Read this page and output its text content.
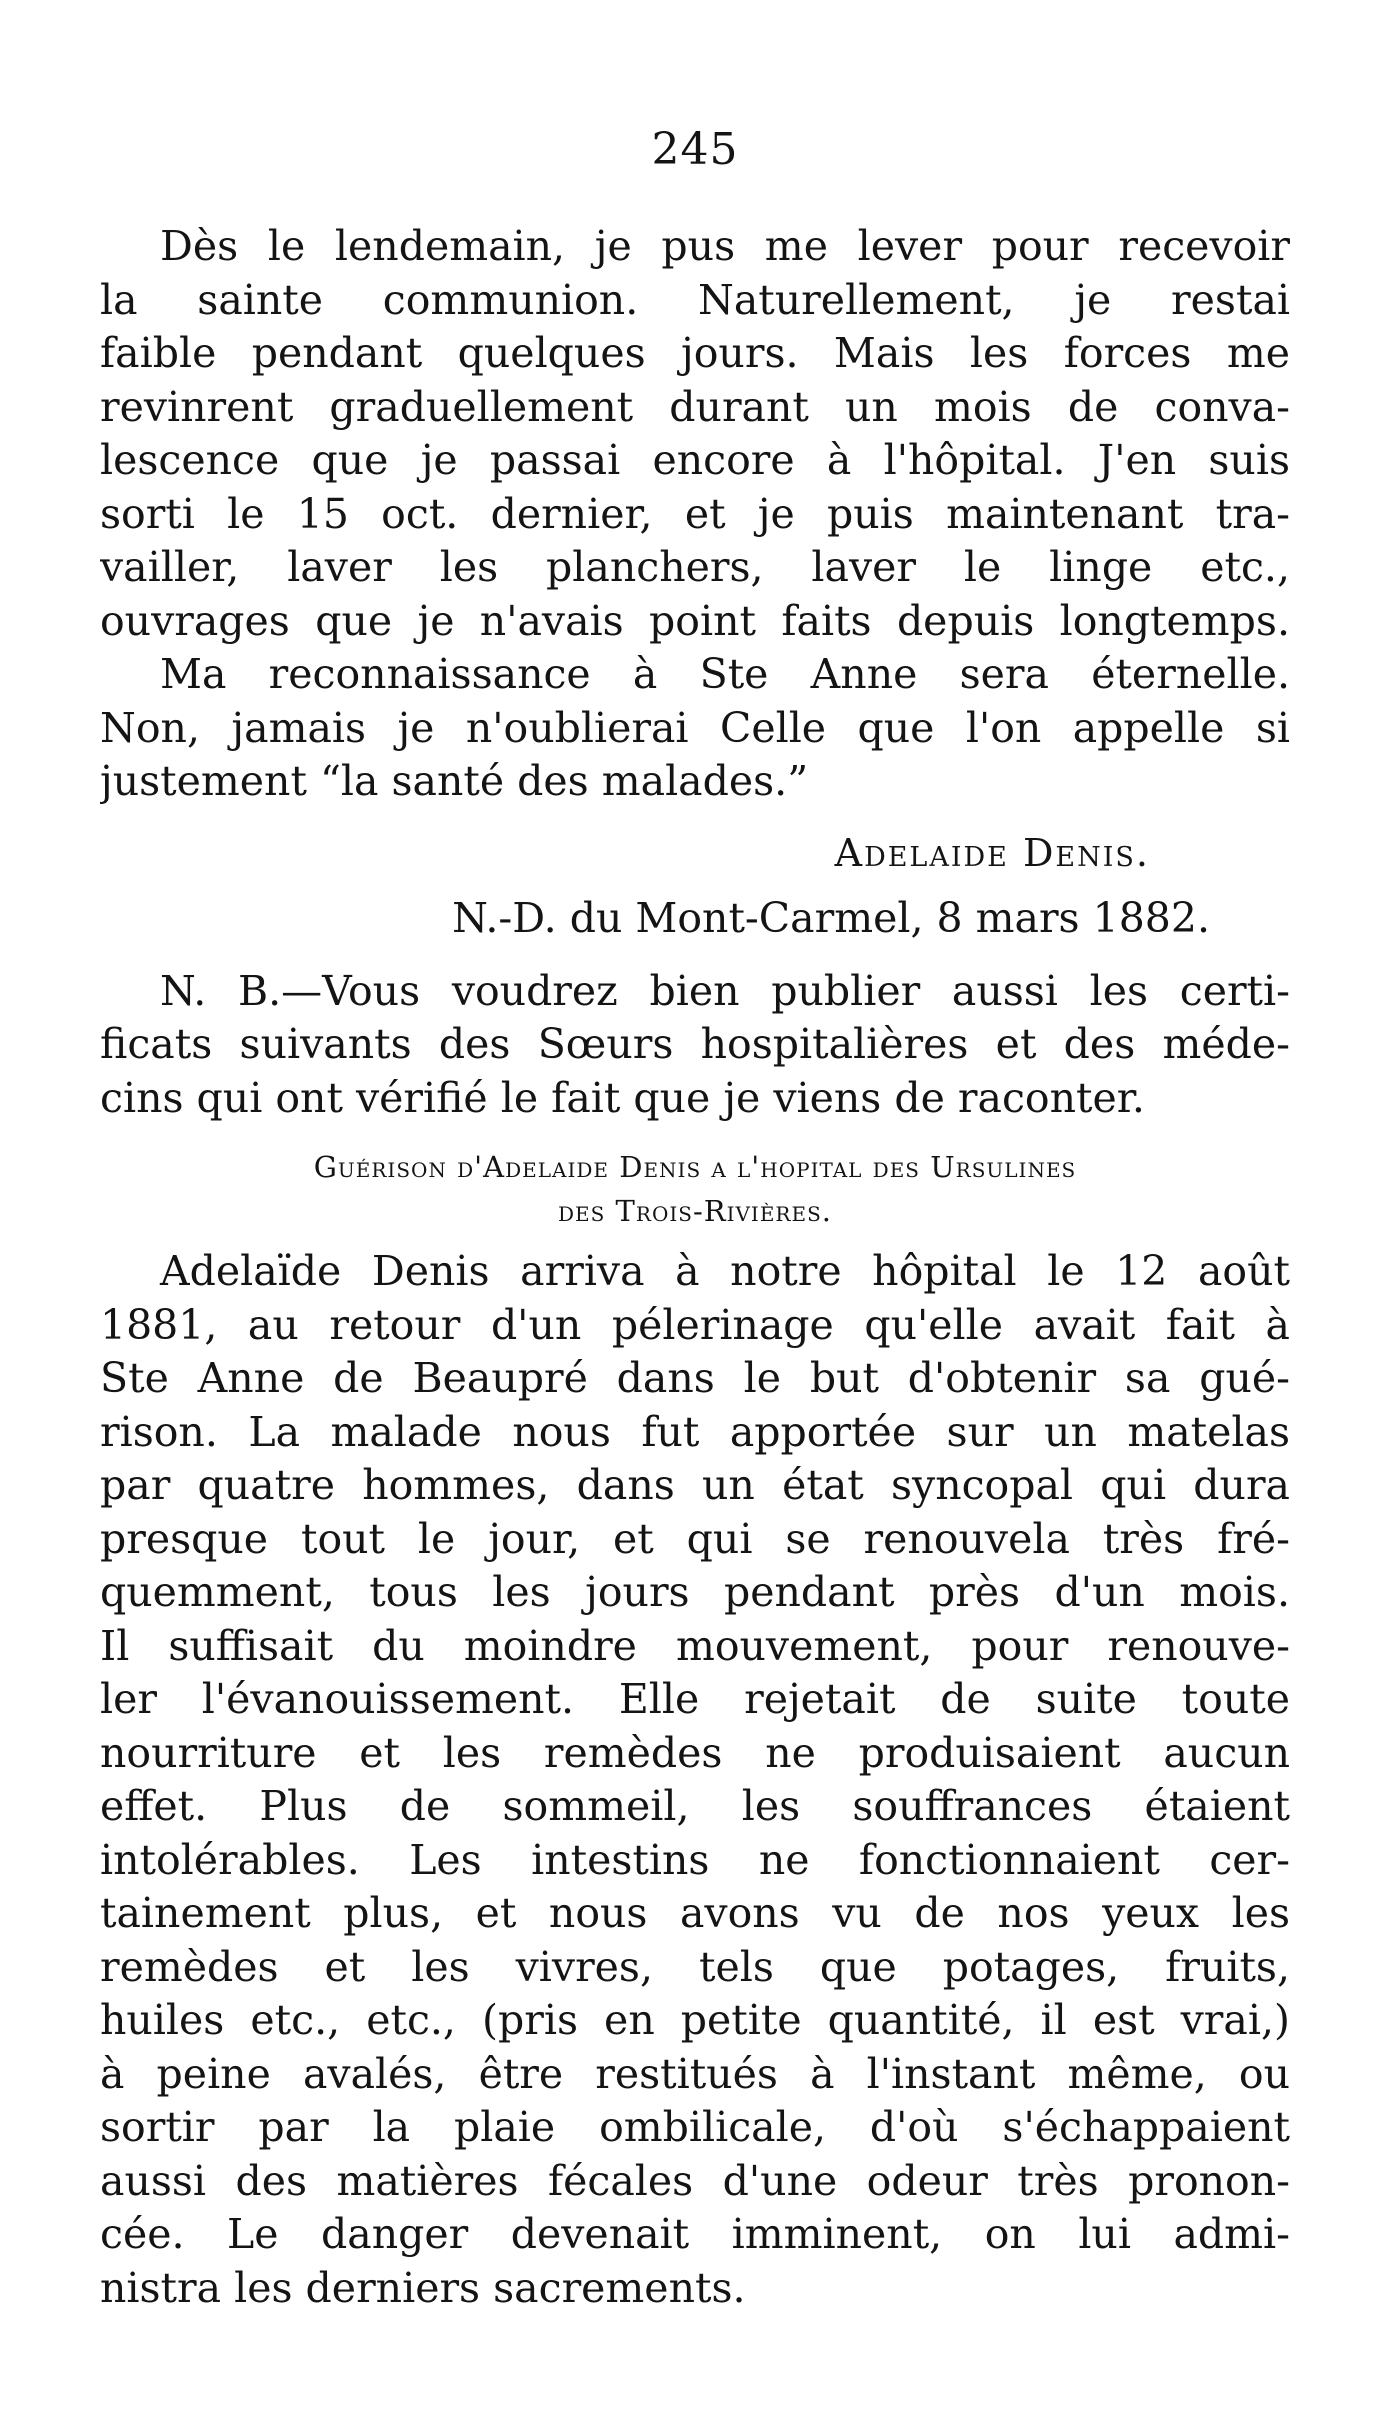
245
Dès le lendemain, je pus me lever pour recevoir
la sainte communion. Naturellement, je restai
faible pendant quelques jours. Mais les forces me
revinrent graduellement durant un mois de conva-
lescence que je passai encore à l'hôpital. J'en suis
sorti le 15 oct. dernier, et je puis maintenant tra-
vailler, laver les planchers, laver le linge etc.,
ouvrages que je n'avais point faits depuis longtemps.
Ma reconnaissance à Ste Anne sera éternelle.
Non, jamais je n'oublierai Celle que l'on appelle si
justement “la santé des malades.”
Adelaide Denis.
N.-D. du Mont-Carmel, 8 mars 1882.
N. B.—Vous voudrez bien publier aussi les certi-
ficats suivants des Sœurs hospitalières et des méde-
cins qui ont vérifié le fait que je viens de raconter.
Guérison d'Adelaide Denis a l'hopital des Ursulines
des Trois-Rivières.
Adelaïde Denis arriva à notre hôpital le 12 août
1881, au retour d'un pélerinage qu'elle avait fait à
Ste Anne de Beaupré dans le but d'obtenir sa gué-
rison. La malade nous fut apportée sur un matelas
par quatre hommes, dans un état syncopal qui dura
presque tout le jour, et qui se renouvela très fré-
quemment, tous les jours pendant près d'un mois.
Il suffisait du moindre mouvement, pour renouve-
ler l'évanouissement. Elle rejetait de suite toute
nourriture et les remèdes ne produisaient aucun
effet. Plus de sommeil, les souffrances étaient
intolérables. Les intestins ne fonctionnaient cer-
tainement plus, et nous avons vu de nos yeux les
remèdes et les vivres, tels que potages, fruits,
huiles etc., etc., (pris en petite quantité, il est vrai,)
à peine avalés, être restitués à l'instant même, ou
sortir par la plaie ombilicale, d'où s'échappaient
aussi des matières fécales d'une odeur très pronon-
cée. Le danger devenait imminent, on lui admi-
nistra les derniers sacrements.
